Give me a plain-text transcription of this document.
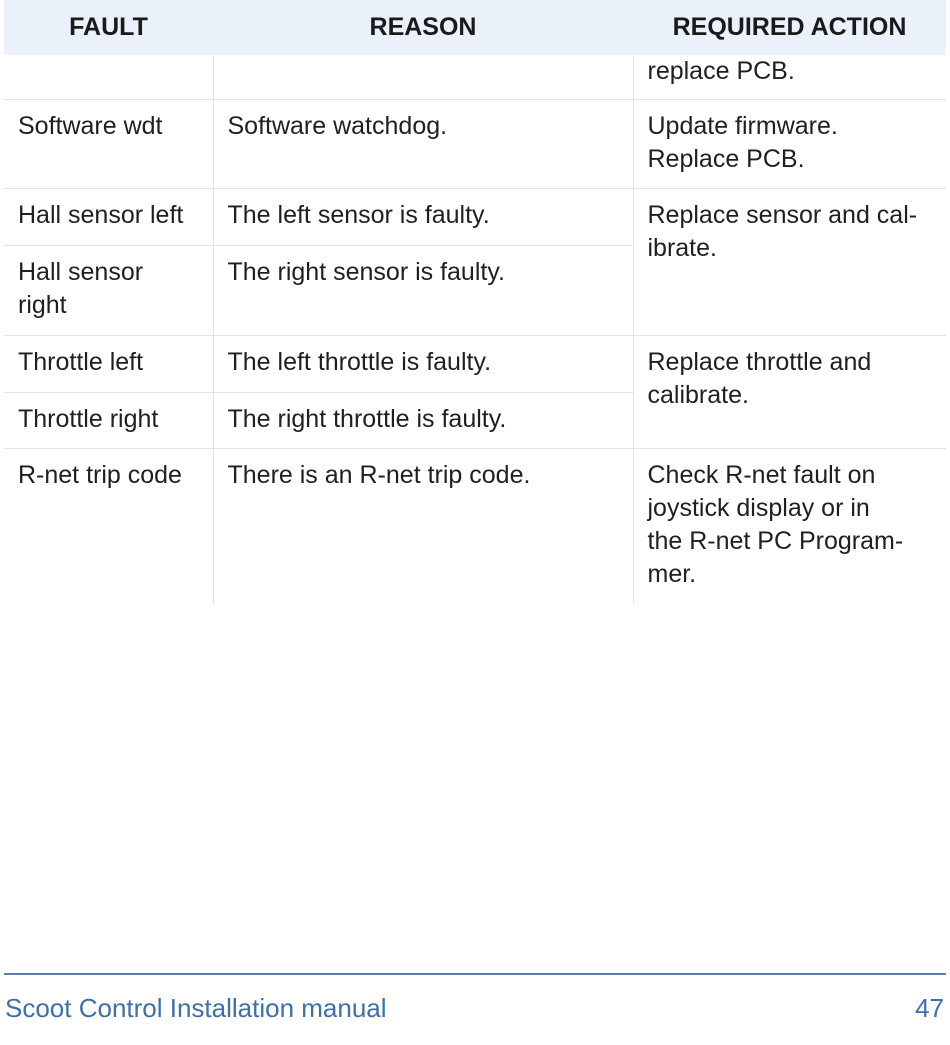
FAULT	REASON	REQUIRED ACTION
		replace PCB.
Software wdt	Software watchdog.	Update firmware.
Replace PCB.
Hall sensor left	The left sensor is faulty.	Replace sensor and cal-
ibrate.
Hall sensor
right	The right sensor is faulty.	
Throttle left	The left throttle is faulty.	Replace throttle and
calibrate.
Throttle right	The right throttle is faulty.	
R-net trip code	There is an R-net trip code.	Check R-net fault on
joystick display or in
the R-net PC Program-
mer.
Scoot Control Installation manual	47
